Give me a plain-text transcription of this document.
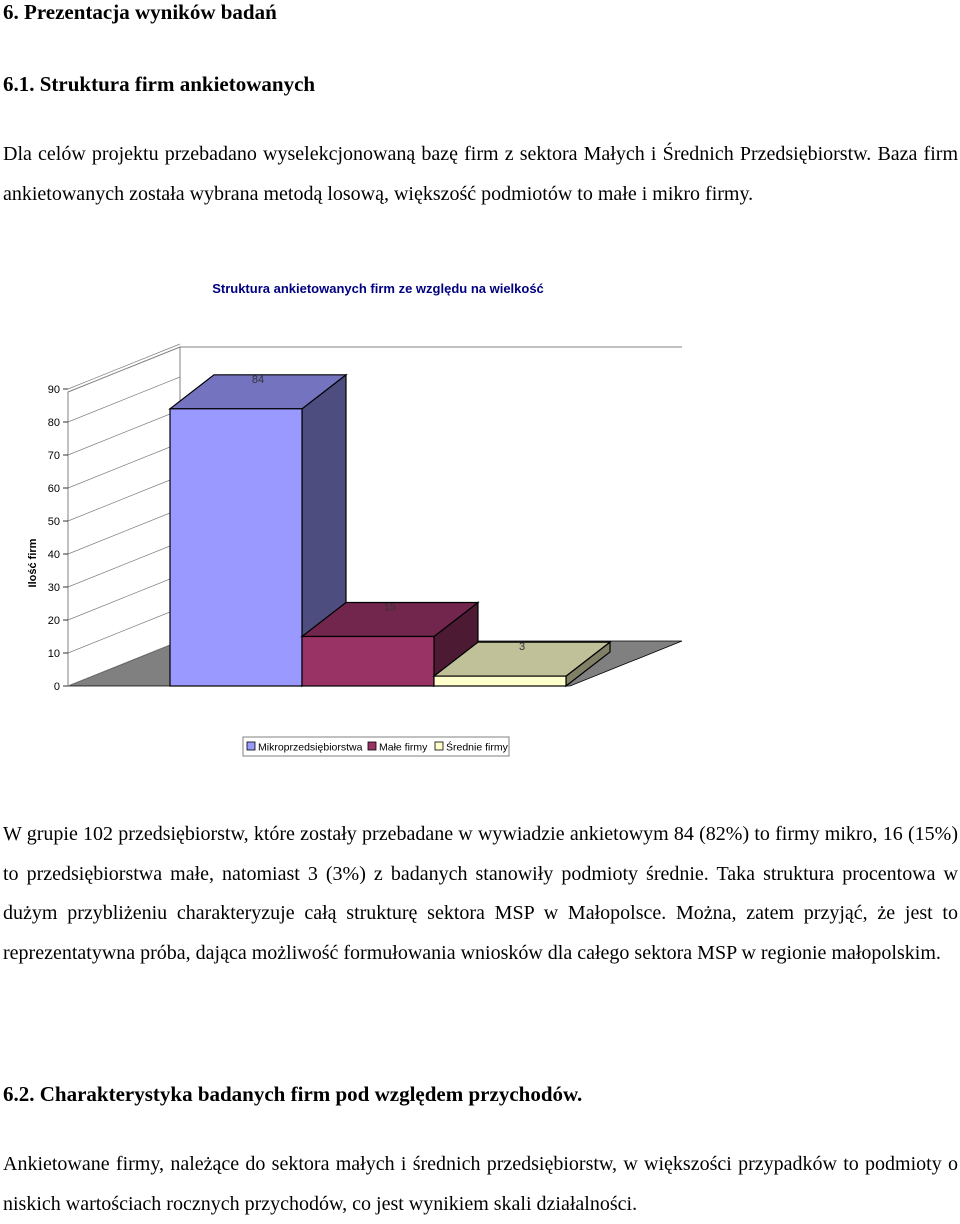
6. Prezentacja wyników badań
6.1. Struktura firm ankietowanych
Dla celów projektu przebadano wyselekcjonowaną bazę firm z sektora Małych i Średnich Przedsiębiorstw. Baza firm ankietowanych została wybrana metodą losową, większość podmiotów to małe i mikro firmy.
Struktura ankietowanych firm ze względu na wielkość
0
10
20
30
40
50
60
70
80
90
Ilość firm
84
15
3
Mikroprzedsiębiorstwa Małe firmy Średnie firmy
W grupie 102 przedsiębiorstw, które zostały przebadane w wywiadzie ankietowym 84 (82%) to firmy mikro, 16 (15%) to przedsiębiorstwa małe, natomiast 3 (3%) z badanych stanowiły podmioty średnie. Taka struktura procentowa w dużym przybliżeniu charakteryzuje całą strukturę sektora MSP w Małopolsce. Można, zatem przyjąć, że jest to reprezentatywna próba, dająca możliwość formułowania wniosków dla całego sektora MSP w regionie małopolskim.
6.2. Charakterystyka badanych firm pod względem przychodów.
Ankietowane firmy, należące do sektora małych i średnich przedsiębiorstw, w większości przypadków to podmioty o niskich wartościach rocznych przychodów, co jest wynikiem skali działalności.
